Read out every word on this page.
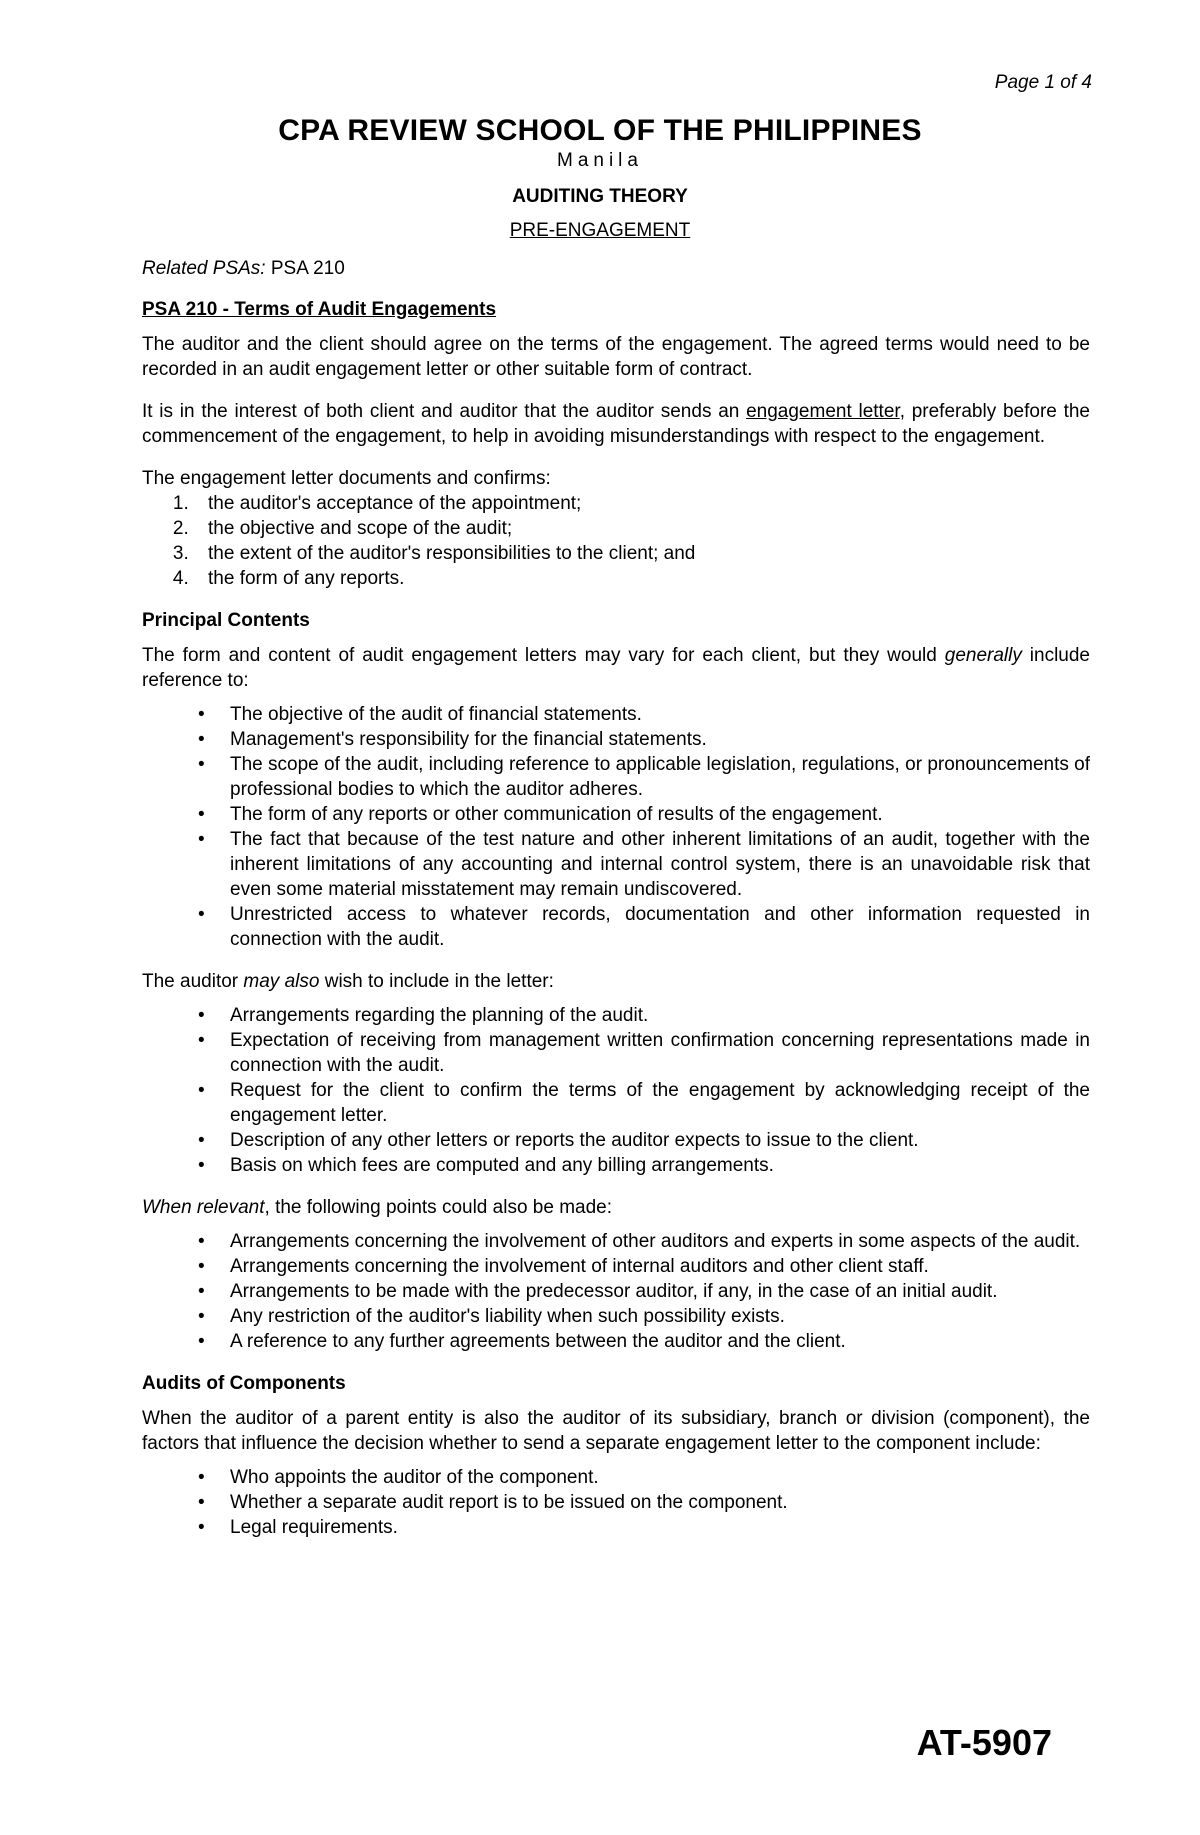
Page 1 of 4
CPA REVIEW SCHOOL OF THE PHILIPPINES
Manila
AUDITING THEORY
PRE-ENGAGEMENT

Related PSAs: PSA 210

PSA 210 - Terms of Audit Engagements

The auditor and the client should agree on the terms of the engagement. The agreed terms would need to be recorded in an audit engagement letter or other suitable form of contract.

It is in the interest of both client and auditor that the auditor sends an engagement letter, preferably before the commencement of the engagement, to help in avoiding misunderstandings with respect to the engagement.

The engagement letter documents and confirms:

1. the auditor's acceptance of the appointment;
2. the objective and scope of the audit;
3. the extent of the auditor's responsibilities to the client; and
4. the form of any reports.
Principal Contents

The form and content of audit engagement letters may vary for each client, but they would generally include reference to:

• The objective of the audit of financial statements.
• Management's responsibility for the financial statements.
• The scope of the audit, including reference to applicable legislation, regulations, or pronouncements of professional bodies to which the auditor adheres.
• The form of any reports or other communication of results of the engagement.
• The fact that because of the test nature and other inherent limitations of an audit, together with the inherent limitations of any accounting and internal control system, there is an unavoidable risk that even some material misstatement may remain undiscovered.
• Unrestricted access to whatever records, documentation and other information requested in connection with the audit.

The auditor may also wish to include in the letter:

• Arrangements regarding the planning of the audit.
• Expectation of receiving from management written confirmation concerning representations made in connection with the audit.
• Request for the client to confirm the terms of the engagement by acknowledging receipt of the engagement letter.
• Description of any other letters or reports the auditor expects to issue to the client.
• Basis on which fees are computed and any billing arrangements.

When relevant, the following points could also be made:

• Arrangements concerning the involvement of other auditors and experts in some aspects of the audit.
• Arrangements concerning the involvement of internal auditors and other client staff.
• Arrangements to be made with the predecessor auditor, if any, in the case of an initial audit.
• Any restriction of the auditor's liability when such possibility exists.
• A reference to any further agreements between the auditor and the client.
Audits of Components

When the auditor of a parent entity is also the auditor of its subsidiary, branch or division (component), the factors that influence the decision whether to send a separate engagement letter to the component include:

• Who appoints the auditor of the component.
• Whether a separate audit report is to be issued on the component.
• Legal requirements.
AT-5907
